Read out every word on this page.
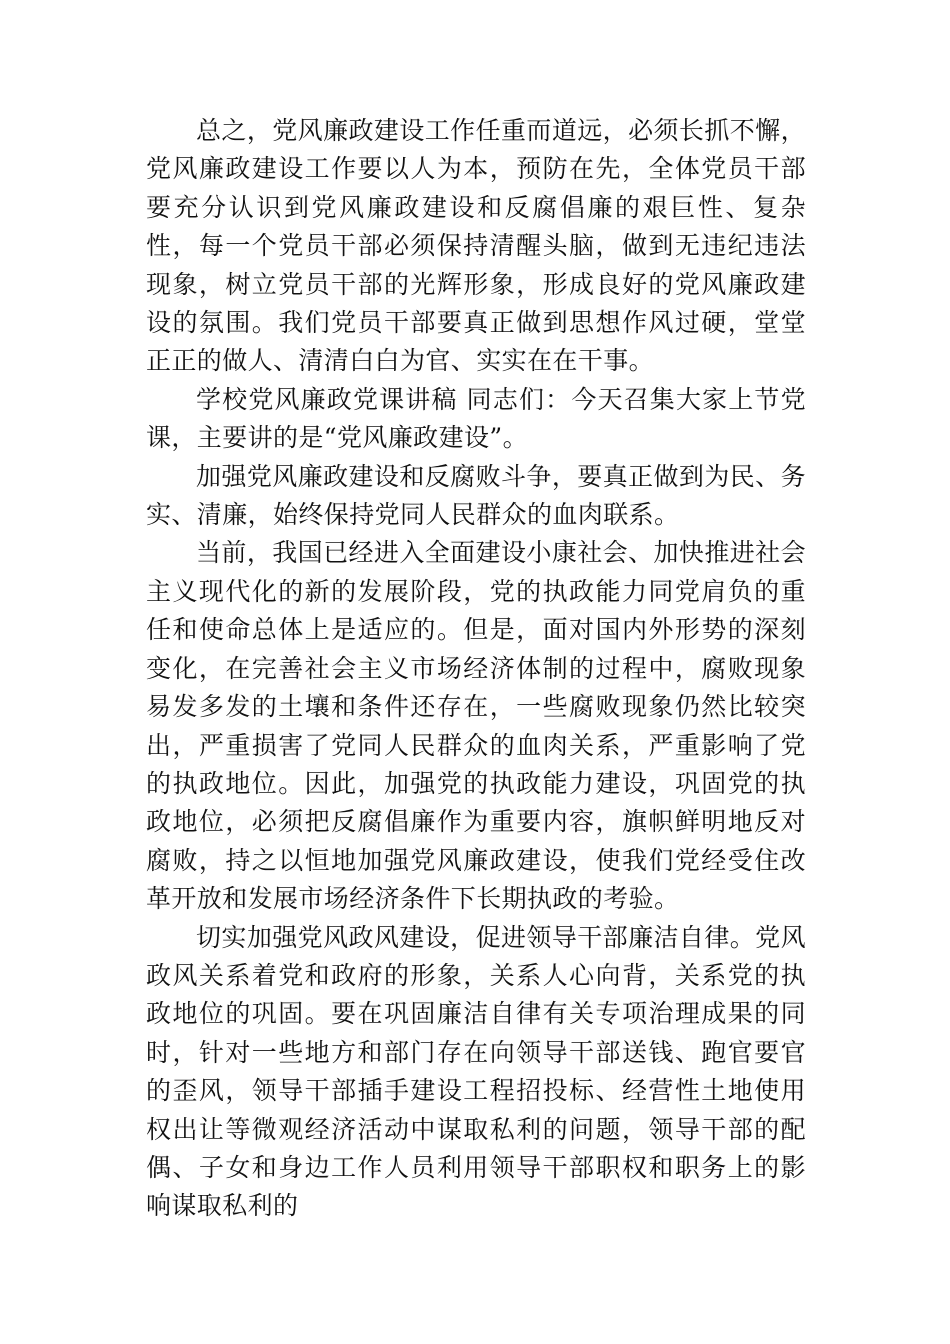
总之，党风廉政建设工作任重而道远，必须长抓不懈，党风廉政建设工作要以人为本，预防在先，全体党员干部要充分认识到党风廉政建设和反腐倡廉的艰巨性、复杂性，每一个党员干部必须保持清醒头脑，做到无违纪违法现象，树立党员干部的光辉形象，形成良好的党风廉政建设的氛围。我们党员干部要真正做到思想作风过硬，堂堂正正的做人、清清白白为官、实实在在干事。

学校党风廉政党课讲稿 同志们：今天召集大家上节党课，主要讲的是“党风廉政建设”。

加强党风廉政建设和反腐败斗争，要真正做到为民、务实、清廉，始终保持党同人民群众的血肉联系。

当前，我国已经进入全面建设小康社会、加快推进社会主义现代化的新的发展阶段，党的执政能力同党肩负的重任和使命总体上是适应的。但是，面对国内外形势的深刻变化，在完善社会主义市场经济体制的过程中，腐败现象易发多发的土壤和条件还存在，一些腐败现象仍然比较突出，严重损害了党同人民群众的血肉关系，严重影响了党的执政地位。因此，加强党的执政能力建设，巩固党的执政地位，必须把反腐倡廉作为重要内容，旗帜鲜明地反对腐败，持之以恒地加强党风廉政建设，使我们党经受住改革开放和发展市场经济条件下长期执政的考验。

切实加强党风政风建设，促进领导干部廉洁自律。党风政风关系着党和政府的形象，关系人心向背，关系党的执政地位的巩固。要在巩固廉洁自律有关专项治理成果的同时，针对一些地方和部门存在向领导干部送钱、跑官要官的歪风，领导干部插手建设工程招投标、经营性土地使用权出让等微观经济活动中谋取私利的问题，领导干部的配偶、子女和身边工作人员利用领导干部职权和职务上的影响谋取私利的
